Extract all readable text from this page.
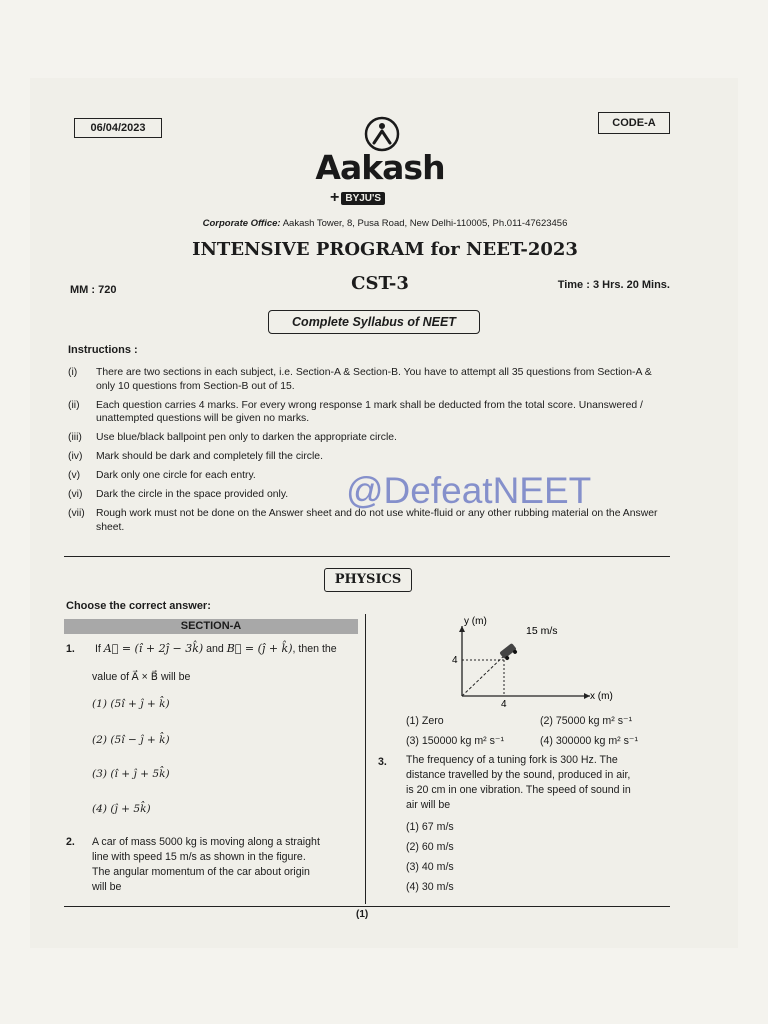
06/04/2023	CODE-A
Aakash
+ BYJU'S
Corporate Office: Aakash Tower, 8, Pusa Road, New Delhi-110005, Ph.011-47623456
INTENSIVE PROGRAM for NEET-2023
MM : 720	CST-3	Time : 3 Hrs. 20 Mins.
Complete Syllabus of NEET
Instructions :
(i)	There are two sections in each subject, i.e. Section-A & Section-B. You have to attempt all 35 questions from Section-A & only 10 questions from Section-B out of 15.
(ii)	Each question carries 4 marks. For every wrong response 1 mark shall be deducted from the total score. Unanswered / unattempted questions will be given no marks.
(iii)	Use blue/black ballpoint pen only to darken the appropriate circle.
(iv)	Mark should be dark and completely fill the circle.
(v)	Dark only one circle for each entry.
(vi)	Dark the circle in the space provided only.
(vii)	Rough work must not be done on the Answer sheet and do not use white-fluid or any other rubbing material on the Answer sheet.
@DefeatNEET
PHYSICS
Choose the correct answer:
SECTION-A
1. If A⃗ = (î + 2ĵ − 3k̂) and B⃗ = (ĵ + k̂), then the
value of A⃗ × B⃗ will be
(1) (5î + ĵ + k̂)
(2) (5î − ĵ + k̂)
(3) (î + ĵ + 5k̂)
(4) (ĵ + 5k̂)
2. A car of mass 5000 kg is moving along a straight
line with speed 15 m/s as shown in the figure.
The angular momentum of the car about origin
will be
y (m)
x (m)
15 m/s
4
4
(1) Zero	(2) 75000 kg m² s⁻¹
(3) 150000 kg m² s⁻¹	(4) 300000 kg m² s⁻¹
3. The frequency of a tuning fork is 300 Hz. The
distance travelled by the sound, produced in air,
is 20 cm in one vibration. The speed of sound in
air will be
(1) 67 m/s
(2) 60 m/s
(3) 40 m/s
(4) 30 m/s
(1)
